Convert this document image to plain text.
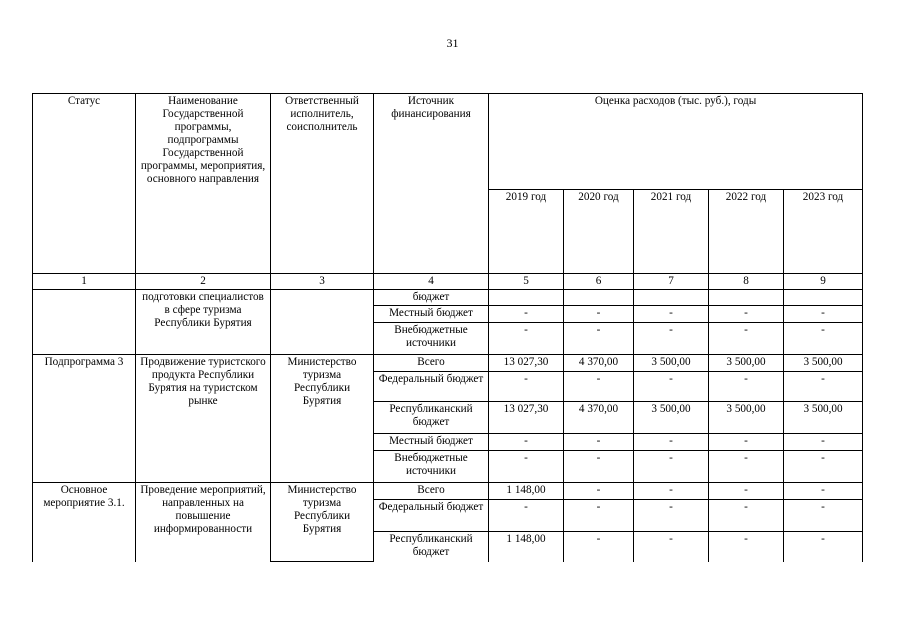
31
Статус	Наименование Государственной программы, подпрограммы Государственной программы, мероприятия, основного направления	Ответственный исполнитель, соисполнитель	Источник финансирования	Оценка расходов (тыс. руб.), годы				
				2019 год	2020 год	2021 год	2022 год	2023 год
1	2	3	4	5	6	7	8	9
	подготовки специалистов в сфере туризма Республики Бурятия		бюджет					
			Местный бюджет	-	-	-	-	-
			Внебюджетные источники	-	-	-	-	-
Подпрограмма 3	Продвижение туристского продукта Республики Бурятия на туристском рынке	Министерство туризма Республики Бурятия	Всего	13 027,30	4 370,00	3 500,00	3 500,00	3 500,00
			Федеральный бюджет	-	-	-	-	-
			Республиканский бюджет	13 027,30	4 370,00	3 500,00	3 500,00	3 500,00
			Местный бюджет	-	-	-	-	-
			Внебюджетные источники	-	-	-	-	-
Основное мероприятие 3.1.	Проведение мероприятий, направленных на повышение информированности	Министерство туризма Республики Бурятия	Всего	1 148,00	-	-	-	-
			Федеральный бюджет	-	-	-	-	-
			Республиканский бюджет	1 148,00	-	-	-	-
